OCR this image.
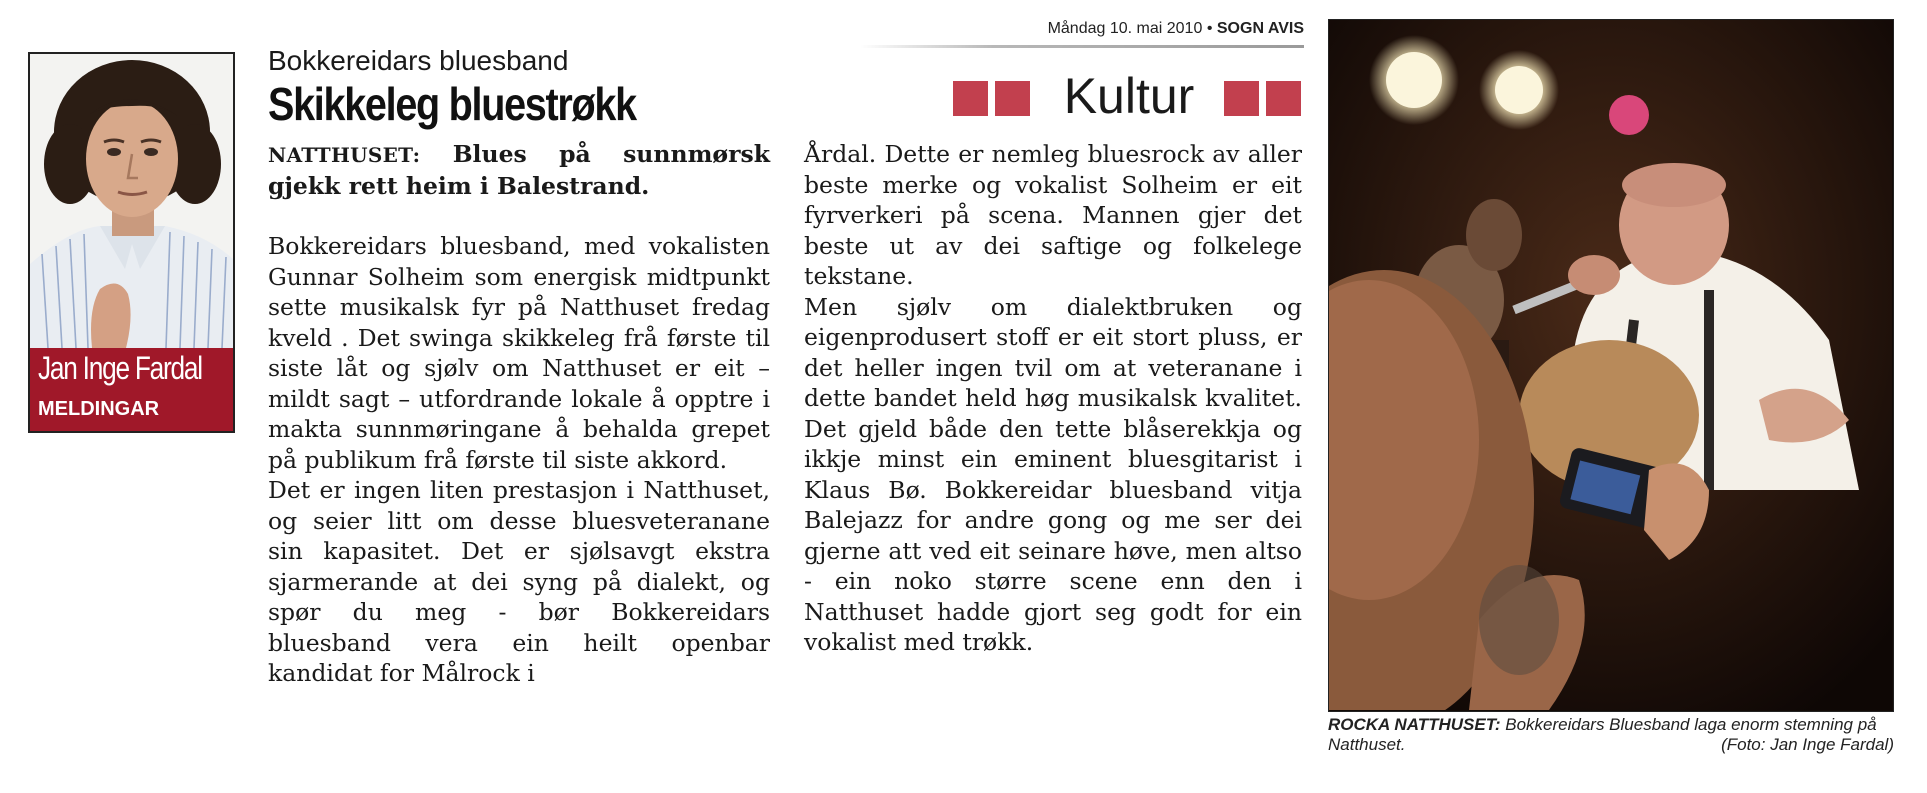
Måndag 10. mai 2010 • SOGN AVIS
Kultur
Jan Inge Fardal
MELDINGAR
Bokkereidars bluesband
Skikkeleg bluestrøkk

NATTHUSET: Blues på sunnmørsk gjekk rett heim i Balestrand.

Bokkereidars bluesband, med vokalisten Gunnar Solheim som energisk midtpunkt sette musikalsk fyr på Natthuset fredag kveld . Det swinga skikkeleg frå første til siste låt og sjølv om Natthuset er eit – mildt sagt – utfordrande lokale å opptre i makta sunnmøringane å behalda grepet på publikum frå første til siste akkord.

Det er ingen liten prestasjon i Natthuset, og seier litt om desse bluesveteranane sin kapasitet. Det er sjølsavgt ekstra sjarmerande at dei syng på dialekt, og spør du meg - bør Bokkereidars bluesband vera ein heilt openbar kandidat for Målrock i

Årdal. Dette er nemleg bluesrock av aller beste merke og vokalist Solheim er eit fyrverkeri på scena. Mannen gjer det beste ut av dei saftige og folkelege tekstane.

Men sjølv om dialektbruken og eigenprodusert stoff er eit stort pluss, er det heller ingen tvil om at veteranane i dette bandet held høg musikalsk kvalitet. Det gjeld både den tette blåserekkja og ikkje minst ein eminent bluesgitarist i Klaus Bø. Bokkereidar bluesband vitja Balejazz for andre gong og me ser dei gjerne att ved eit seinare høve, men altso - ein noko større scene enn den i Natthuset hadde gjort seg godt for ein vokalist med trøkk.

ROCKA NATTHUSET: Bokkereidars Bluesband laga enorm stemning på Natthuset.	(Foto: Jan Inge Fardal)
